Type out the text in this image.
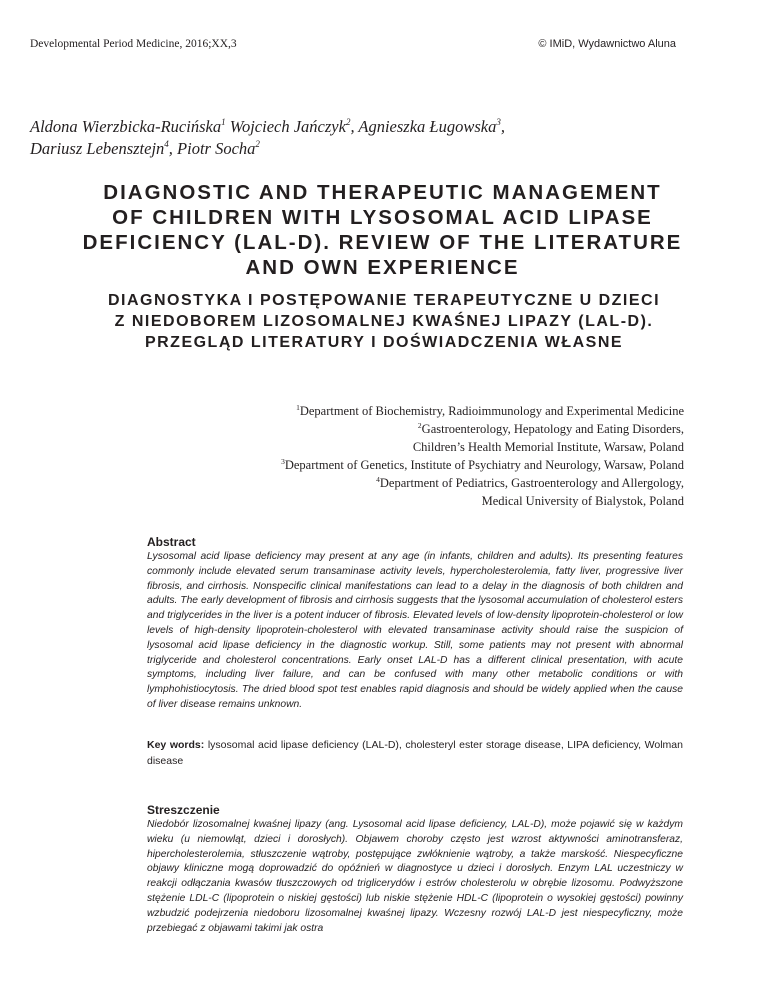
Developmental Period Medicine, 2016;XX,3	© IMiD, Wydawnictwo Aluna
Aldona Wierzbicka-Rucińska$^1$ Wojciech Jańczyk$^2$, Agnieszka Ługowska$^3$,
Dariusz Lebensztejn$^4$, Piotr Socha$^2$
DIAGNOSTIC AND THERAPEUTIC MANAGEMENT
OF CHILDREN WITH LYSOSOMAL ACID LIPASE
DEFICIENCY (LAL-D). REVIEW OF THE LITERATURE
AND OWN EXPERIENCE
DIAGNOSTYKA I POSTĘPOWANIE TERAPEUTYCZNE U DZIECI
Z NIEDOBOREM LIZOSOMALNEJ KWAŚNEJ LIPAZY (LAL-D).
PRZEGLĄD LITERATURY I DOŚWIADCZENIA WŁASNE
$^1$Department of Biochemistry, Radioimmunology and Experimental Medicine
$^2$Gastroenterology, Hepatology and Eating Disorders,
Children’s Health Memorial Institute, Warsaw, Poland
$^3$Department of Genetics, Institute of Psychiatry and Neurology, Warsaw, Poland
$^4$Department of Pediatrics, Gastroenterology and Allergology,
Medical University of Bialystok, Poland

Abstract

Lysosomal acid lipase deficiency may present at any age (in infants, children and adults). Its presenting features commonly include elevated serum transaminase activity levels, hypercholesterolemia, fatty liver, progressive liver fibrosis, and cirrhosis. Nonspecific clinical manifestations can lead to a delay in the diagnosis of both children and adults. The early development of fibrosis and cirrhosis suggests that the lysosomal accumulation of cholesterol esters and triglycerides in the liver is a potent inducer of fibrosis. Elevated levels of low-density lipoprotein-cholesterol or low levels of high-density lipoprotein-cholesterol with elevated transaminase activity should raise the suspicion of lysosomal acid lipase deficiency in the diagnostic workup. Still, some patients may not present with abnormal triglyceride and cholesterol concentrations. Early onset LAL-D has a different clinical presentation, with acute symptoms, including liver failure, and can be confused with many other metabolic conditions or with lymphohistiocytosis. The dried blood spot test enables rapid diagnosis and should be widely applied when the cause of liver disease remains unknown.

Key words: lysosomal acid lipase deficiency (LAL-D), cholesteryl ester storage disease, LIPA deficiency, Wolman disease

Streszczenie

Niedobór lizosomalnej kwaśnej lipazy (ang. Lysosomal acid lipase deficiency, LAL-D), może pojawić się w każdym wieku (u niemowląt, dzieci i dorosłych). Objawem choroby często jest wzrost aktywności aminotransferaz, hipercholesterolemia, stłuszczenie wątroby, postępujące zwłóknienie wątroby, a także marskość. Niespecyficzne objawy kliniczne mogą doprowadzić do opóźnień w diagnostyce u dzieci i dorosłych. Enzym LAL uczestniczy w reakcji odłączania kwasów tłuszczowych od triglicerydów i estrów cholesterolu w obrębie lizosomu. Podwyższone stężenie LDL-C (lipoprotein o niskiej gęstości) lub niskie stężenie HDL-C (lipoprotein o wysokiej gęstości) powinny wzbudzić podejrzenia niedoboru lizosomalnej kwaśnej lipazy. Wczesny rozwój LAL-D jest niespecyficzny, może przebiegać z objawami takimi jak ostra
